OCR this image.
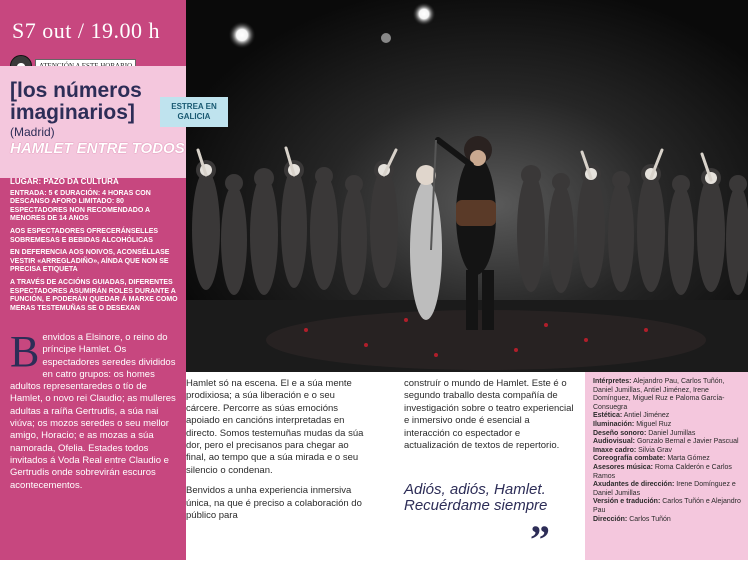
S7 out / 19.00 h
[los números imaginarios]
(Madrid)
HAMLET ENTRE TODOS

LUGAR: PAZO DA CULTURA

ENTRADA: 5 € DURACIÓN: 4 HORAS CON DESCANSO AFORO LIMITADO: 80 ESPECTADORES NON RECOMENDADO A MENORES DE 14 ANOS

AOS ESPECTADORES OFRECERÁNSELLES SOBREMESAS E BEBIDAS ALCOHÓLICAS

EN DEFERENCIA AOS NOIVOS, ACONSÉLLASE VESTIR «ARREGLADIÑO», AÍNDA QUE NON SE PRECISA ETIQUETA

A TRAVÉS DE ACCIÓNS GUIADAS, DIFERENTES ESPECTADORES ASUMIRÁN ROLES DURANTE A FUNCIÓN, E PODERÁN QUEDAR Á MARXE COMO MERAS TESTEMUÑAS SE O DESEXAN

B envidos a Elsinore, o reino do príncipe Hamlet. Os espectadores seredes divididos en catro grupos: os homes adultos representaredes o tío de Hamlet, o novo rei Claudio; as mulleres adultas a raíña Gertrudis, a súa nai viúva; os mozos seredes o seu mellor amigo, Horacio; e as mozas a súa namorada, Ofelia. Estades todos invitados á Voda Real entre Claudio e Gertrudis onde sobrevirán escuros acontecementos.
ESTREA EN GALICIA

Hamlet só na escena. El e a súa mente prodixiosa; a súa liberación e o seu cárcere. Percorre as súas emocións apoiado en cancións interpretadas en directo. Somos testemuñas mudas da súa dor, pero el precisanos para chegar ao final, ao tempo que a súa mirada e o seu silencio o condenan.

Benvidos a unha experiencia inmersiva única, na que é preciso a colaboración do público para

construír o mundo de Hamlet. Este é o segundo traballo desta compañía de investigación sobre o teatro experiencial e inmersivo onde é esencial a interacción co espectador e actualización de textos de repertorio.

Adiós, adiós, Hamlet. Recuérdame siempre
”
Intérpretes: Alejandro Pau, Carlos Tuñón, Daniel Jumillas, Antiel Jiménez, Irene Domínguez, Miguel Ruz e Paloma García-Consuegra
Estética: Antiel Jiménez
Iluminación: Miguel Ruz
Deseño sonoro: Daniel Jumillas
Audiovisual: Gonzalo Bernal e Javier Pascual
Imaxe cadro: Silvia Grav
Coreografía combate: Marta Gómez
Asesores música: Roma Calderón e Carlos Ramos
Axudantes de dirección: Irene Domínguez e Daniel Jumillas
Versión e tradución: Carlos Tuñón e Alejandro Pau
Dirección: Carlos Tuñón
